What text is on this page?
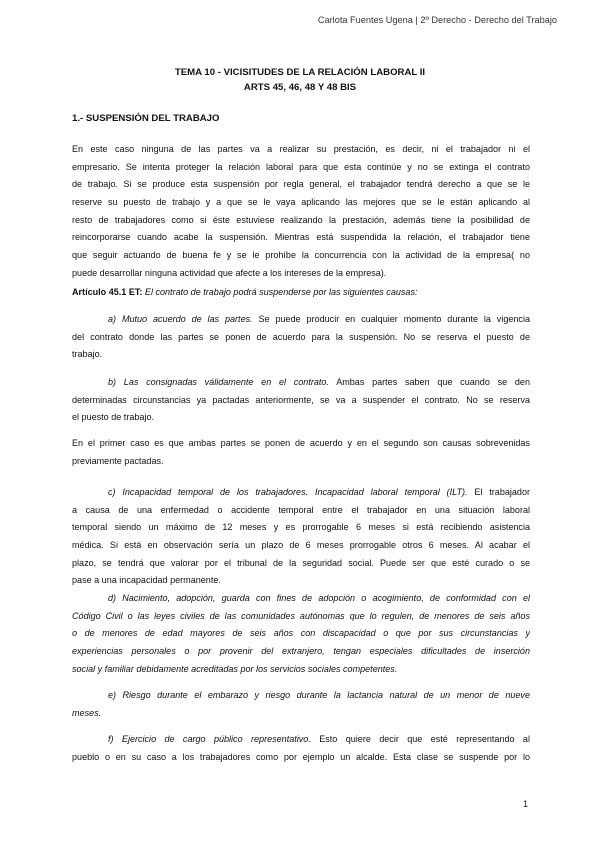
Carlota Fuentes Ugena | 2º Derecho - Derecho del Trabajo
TEMA 10 - VICISITUDES DE LA RELACIÓN LABORAL II
ARTS 45, 46, 48 Y 48 BIS
1.- SUSPENSIÓN DEL TRABAJO
En este caso ninguna de las partes va a realizar su prestación, es decir, ni el trabajador ni el
empresario. Se intenta proteger la relación laboral para que esta continúe y no se extinga el contrato
de trabajo. Si se produce esta suspensión por regla general, el trabajador tendrá derecho a que se le
reserve su puesto de trabajo y a que se le vaya aplicando las mejores que se le están aplicando al
resto de trabajadores como si éste estuviese realizando la prestación, además tiene la posibilidad de
reincorporarse cuando acabe la suspensión. Mientras está suspendida la relación, el trabajador tiene
que seguir actuando de buena fe y se le prohíbe la concurrencia con la actividad de la empresa( no
puede desarrollar ninguna actividad que afecte a los intereses de la empresa).
Artículo 45.1 ET: El contrato de trabajo podrá suspenderse por las siguientes causas:
a) Mutuo acuerdo de las partes. Se puede producir en cualquier momento durante la vigencia
del contrato donde las partes se ponen de acuerdo para la suspensión. No se reserva el puesto de
trabajo.
b) Las consignadas válidamente en el contrato. Ambas partes saben que cuando se den
determinadas circunstancias ya pactadas anteriormente, se va a suspender el contrato. No se reserva
el puesto de trabajo.
En el primer caso es que ambas partes se ponen de acuerdo y en el segundo son causas sobrevenidas
previamente pactadas.
c) Incapacidad temporal de los trabajadores. Incapacidad laboral temporal (ILT). El trabajador
a causa de una enfermedad o accidente temporal entre el trabajador en una situación laboral
temporal siendo un máximo de 12 meses y es prorrogable 6 meses si está recibiendo asistencia
médica. Si está en observación sería un plazo de 6 meses prorrogable otros 6 meses. Al acabar el
plazo, se tendrá que valorar por el tribunal de la seguridad social. Puede ser que esté curado o se
pase a una incapacidad permanente.
d) Nacimiento, adopción, guarda con fines de adopción o acogimiento, de conformidad con el
Código Civil o las leyes civiles de las comunidades autónomas que lo regulen, de menores de seis años
o de menores de edad mayores de seis años con discapacidad o que por sus circunstancias y
experiencias personales o por provenir del extranjero, tengan especiales dificultades de inserción
social y familiar debidamente acreditadas por los servicios sociales competentes.
e) Riesgo durante el embarazo y riesgo durante la lactancia natural de un menor de nueve
meses.
f) Ejercicio de cargo público representativo. Esto quiere decir que esté representando al
pueblo o en su caso a los trabajadores como por ejemplo un alcalde. Esta clase se suspende por lo
1
